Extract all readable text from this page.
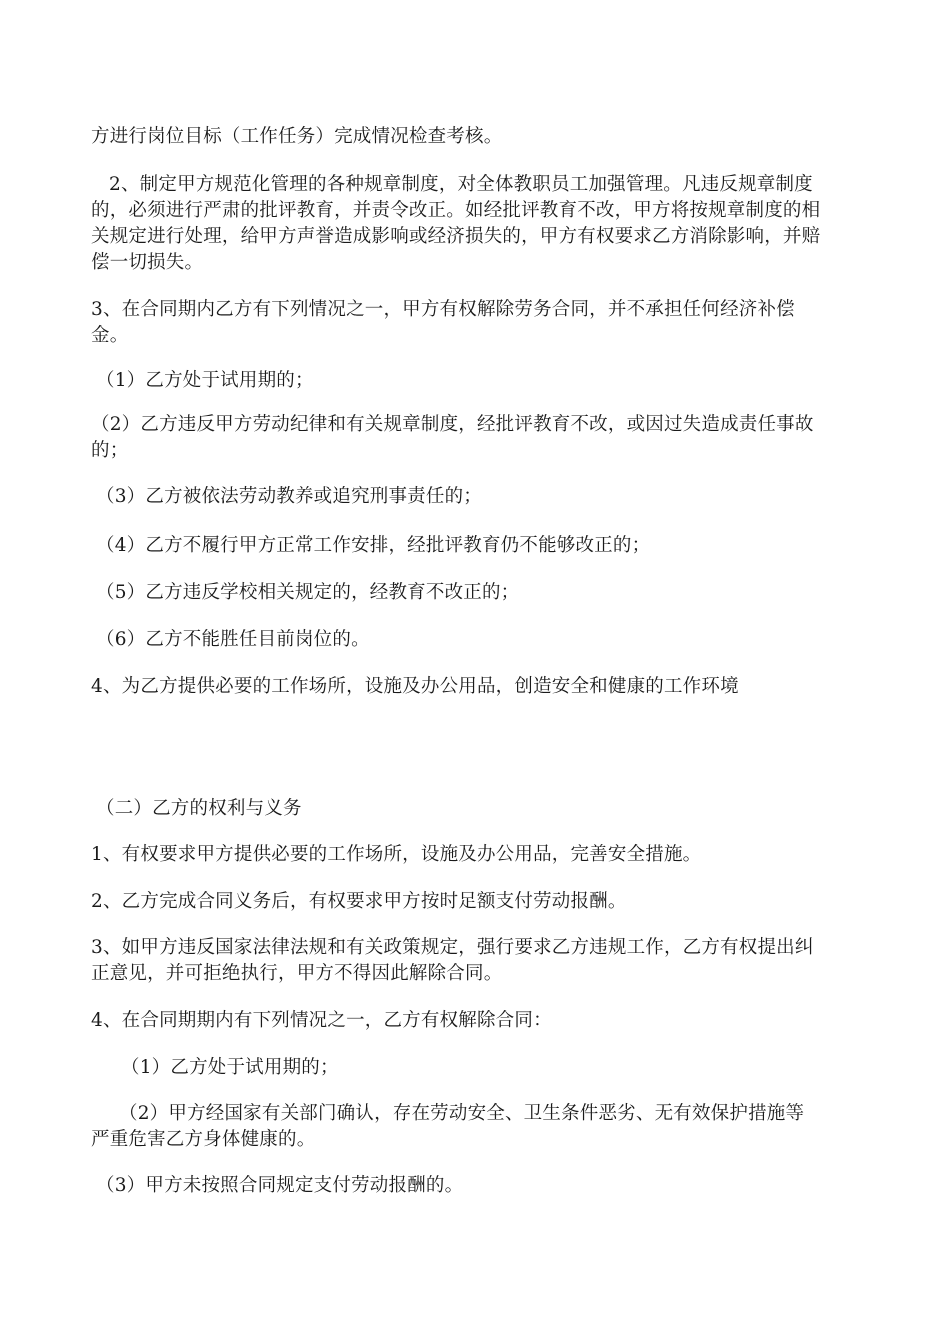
方进行岗位目标（工作任务）完成情况检查考核。

2、制定甲方规范化管理的各种规章制度，对全体教职员工加强管理。凡违反规章制度的，必须进行严肃的批评教育，并责令改正。如经批评教育不改，甲方将按规章制度的相关规定进行处理，给甲方声誉造成影响或经济损失的，甲方有权要求乙方消除影响，并赔偿一切损失。

3、在合同期内乙方有下列情况之一，甲方有权解除劳务合同，并不承担任何经济补偿金。

（1）乙方处于试用期的；

（2）乙方违反甲方劳动纪律和有关规章制度，经批评教育不改，或因过失造成责任事故的；

（3）乙方被依法劳动教养或追究刑事责任的；

（4）乙方不履行甲方正常工作安排，经批评教育仍不能够改正的；

（5）乙方违反学校相关规定的，经教育不改正的；

（6）乙方不能胜任目前岗位的。

4、为乙方提供必要的工作场所，设施及办公用品，创造安全和健康的工作环境

（二）乙方的权利与义务

1、有权要求甲方提供必要的工作场所，设施及办公用品，完善安全措施。

2、乙方完成合同义务后，有权要求甲方按时足额支付劳动报酬。

3、如甲方违反国家法律法规和有关政策规定，强行要求乙方违规工作，乙方有权提出纠正意见，并可拒绝执行，甲方不得因此解除合同。

4、在合同期期内有下列情况之一，乙方有权解除合同：

（1）乙方处于试用期的；

（2）甲方经国家有关部门确认，存在劳动安全、卫生条件恶劣、无有效保护措施等严重危害乙方身体健康的。

（3）甲方未按照合同规定支付劳动报酬的。
